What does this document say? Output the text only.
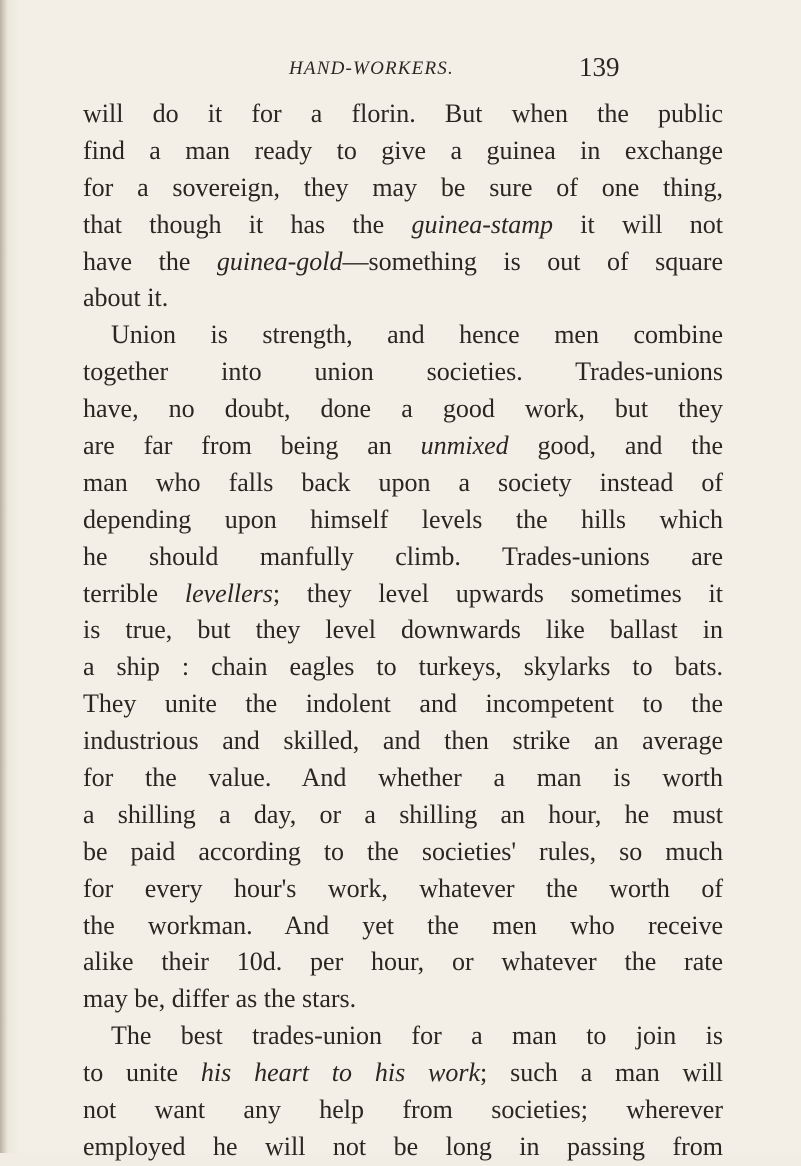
HAND-WORKERS.	139
will do it for a florin. But when the public
find a man ready to give a guinea in exchange
for a sovereign, they may be sure of one thing,
that though it has the guinea-stamp it will not
have the guinea-gold—something is out of square
about it.
Union is strength, and hence men combine
together into union societies. Trades-unions
have, no doubt, done a good work, but they
are far from being an unmixed good, and the
man who falls back upon a society instead of
depending upon himself levels the hills which
he should manfully climb. Trades-unions are
terrible levellers; they level upwards sometimes it
is true, but they level downwards like ballast in
a ship : chain eagles to turkeys, skylarks to bats.
They unite the indolent and incompetent to the
industrious and skilled, and then strike an average
for the value. And whether a man is worth
a shilling a day, or a shilling an hour, he must
be paid according to the societies' rules, so much
for every hour's work, whatever the worth of
the workman. And yet the men who receive
alike their 10d. per hour, or whatever the rate
may be, differ as the stars.
The best trades-union for a man to join is
to unite his heart to his work; such a man will
not want any help from societies; wherever
employed he will not be long in passing from
